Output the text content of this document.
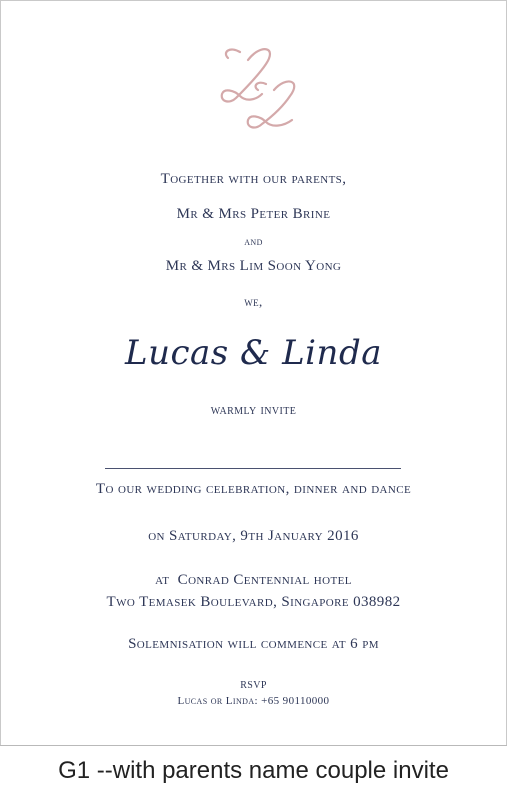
Together with our parents,
Mr & Mrs Peter Brine
and
Mr & Mrs Lim Soon Yong
we,
Lucas & Linda
warmly invite
To our wedding celebration, dinner and dance
on Saturday, 9th January 2016
at  Conrad Centennial hotel
Two Temasek Boulevard, Singapore 038982
Solemnisation will commence at 6 pm
RSVP
Lucas or Linda: +65 90110000
G1 --with parents name couple invite
